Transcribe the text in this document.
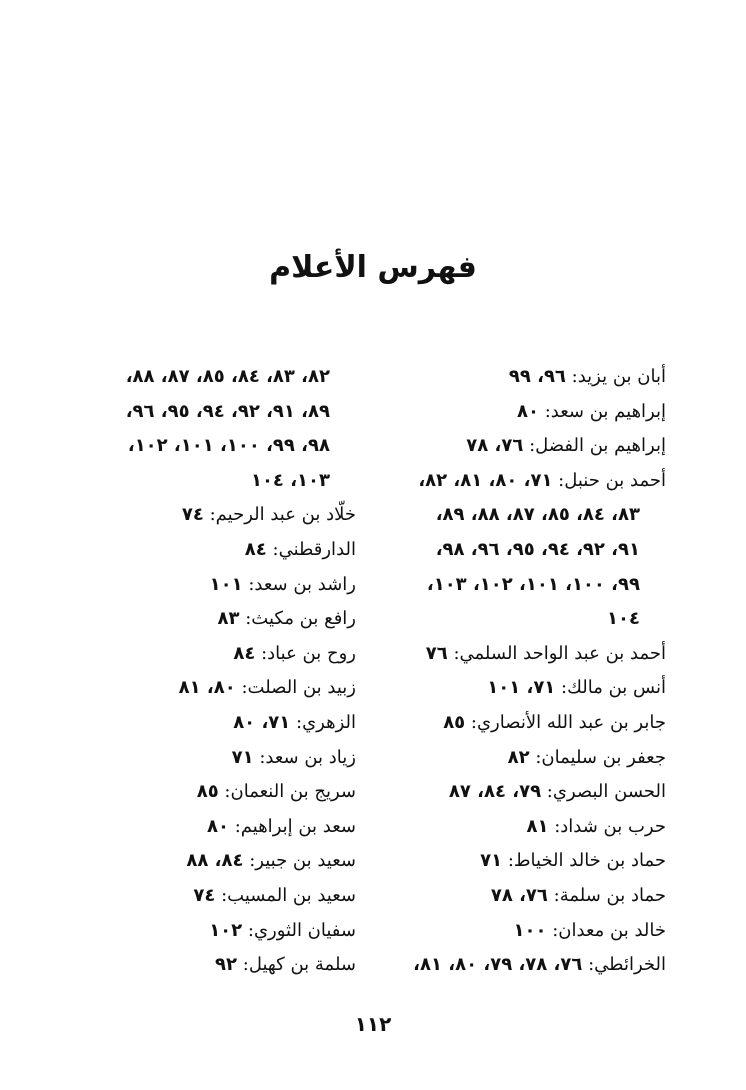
فهرس الأعلام
أبان بن يزيد: ٩٦، ٩٩
إبراهيم بن سعد: ٨٠
إبراهيم بن الفضل: ٧٦، ٧٨
أحمد بن حنبل: ٧١، ٨٠، ٨١، ٨٢،
٨٣، ٨٤، ٨٥، ٨٧، ٨٨، ٨٩،
٩١، ٩٢، ٩٤، ٩٥، ٩٦، ٩٨،
٩٩، ١٠٠، ١٠١، ١٠٢، ١٠٣،
١٠٤
أحمد بن عبد الواحد السلمي: ٧٦
أنس بن مالك: ٧١، ١٠١
جابر بن عبد الله الأنصاري: ٨٥
جعفر بن سليمان: ٨٢
الحسن البصري: ٧٩، ٨٤، ٨٧
حرب بن شداد: ٨١
حماد بن خالد الخياط: ٧١
حماد بن سلمة: ٧٦، ٧٨
خالد بن معدان: ١٠٠
الخرائطي: ٧٦، ٧٨، ٧٩، ٨٠، ٨١،
٨٢، ٨٣، ٨٤، ٨٥، ٨٧، ٨٨،
٨٩، ٩١، ٩٢، ٩٤، ٩٥، ٩٦،
٩٨، ٩٩، ١٠٠، ١٠١، ١٠٢،
١٠٣، ١٠٤
خلّاد بن عبد الرحيم: ٧٤
الدارقطني: ٨٤
راشد بن سعد: ١٠١
رافع بن مكيث: ٨٣
روح بن عباد: ٨٤
زبيد بن الصلت: ٨٠، ٨١
الزهري: ٧١، ٨٠
زياد بن سعد: ٧١
سريج بن النعمان: ٨٥
سعد بن إبراهيم: ٨٠
سعيد بن جبير: ٨٤، ٨٨
سعيد بن المسيب: ٧٤
سفيان الثوري: ١٠٢
سلمة بن كهيل: ٩٢
١١٢
